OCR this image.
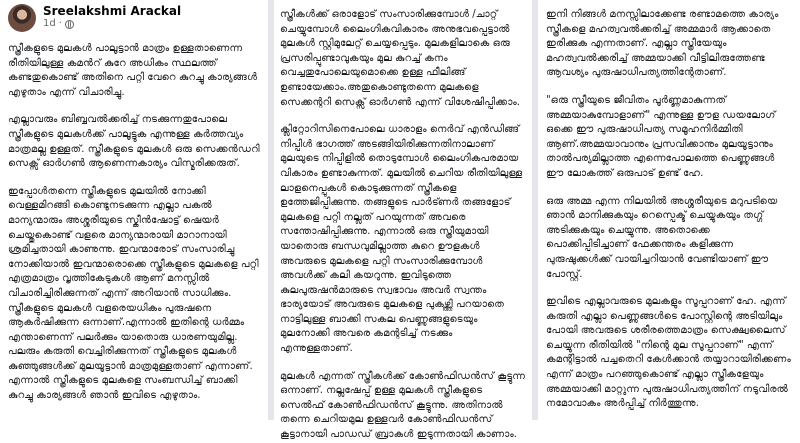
Sreelakshmi Arackal
1d ·

സ്ത്രീകളുടെ മുലകൾ പാലൂട്ടാൻ മാത്രം ഉള്ളതാണെന്ന രീതിയിലുള്ള കമൻറ് കുറേ അധികം സ്ഥലത്ത് കണ്ടതുകൊണ്ട് അതിനെ പറ്റി വേറെ കുറച്ചു കാര്യങ്ങൾ എഴുതാം എന്ന് വിചാരിച്ചു.

എല്ലാവരും ബിബ്ബവൽക്കരിച്ച് നടക്കുന്നതുപോലെ സ്ത്രീകളുടെ മുലകൾക്ക് പാലൂട്ടുക എന്നുള്ള കർത്തവ്യം മാത്രമല്ല ഉള്ളത്. സ്ത്രീകളുടെ മുലകൾ ഒരു സെക്കൻഡറി സെക്സ് ഓർഗൺ ആണെന്നകാര്യം വിസ്മരിക്കരുത്.

ഇപ്പോൾതന്നെ സ്ത്രീകളുടെ മുലയിൽ നോക്കി വെള്ളമിറങ്ങി കൊണ്ടുനടക്കുന്ന എല്ലാ പകൽ മാന്യന്മാരും അശ്ശരീയുടെ സ്കീൻഷോട്ട് ഷെയർ ചെയ്തുകൊണ്ട് വളരെ മാന്യന്മാരായി മാറാനായി ശ്രമിച്ചതായി കാണുന്നു. ഇവന്മാരോട് സംസാരിച്ചു നോക്കിയാൽ ഇവന്മാരൊക്കെ സ്ത്രീകളുടെ മുലകളെ പറ്റി എത്രമാത്രം വൃത്തികേടുകൾ ആണ് മനസ്സിൽ വിചാരിച്ചിരിക്കുന്നത് എന്ന് അറിയാൻ സാധിക്കും. സ്ത്രീകളുടെ മുലകൾ വളരെയധികം പുരുഷനെ ആകർഷിക്കുന്ന ഒന്നാണ്.എന്നാൽ ഇതിന്റെ ധർമ്മം എന്താണെന്ന് പലർക്കും യാതൊരു ധാരണയുമില്ല. പലരും കരുതി വെച്ചിരിക്കുന്നത് സ്ത്രീകളുടെ മുലകൾ കുഞ്ഞുങ്ങൾക്ക് മുലയൂട്ടാൻ മാത്രമുള്ളതാണ് എന്നാണ്. എന്നാൽ സ്ത്രീകളുടെ മുലകളെ സംബന്ധിച്ച് ബാക്കി കുറച്ചു കാര്യങ്ങൾ ഞാൻ ഇവിടെ എഴുതാം.

സ്ത്രീകൾക്ക് ഒരാളോട് സംസാരിക്കുമ്പോൾ /ചാറ്റ് ചെയ്യുമ്പോൾ ലൈംഗികവികാരം അനുഭവപ്പെട്ടാൽ മുലകൾ സ്റ്റിമുലേറ്റ് ചെയ്യപ്പെടും. മുലകളിലാകെ ഒരു പ്രസരിപ്പുണ്ടാവുകയും മുല കുറച്ച് കനം വെച്ചതുപോലെയുമൊക്കെ ഉള്ള ഫീലിങ്ങ് ഉണ്ടായേക്കാം.അതുകൊണ്ടുതന്നെ മുലകളെ സെക്കന്ററി സെക്സ് ഓർഗൺ എന്ന് വിശേഷിപ്പിക്കാം.

ക്ലിറ്റോറിസിനെപോലെ ധാരാളം നെർവ് എൻഡിങ്ങ് നിപ്പിൾ ഭാഗത്ത് അടങ്ങിയിരിക്കുന്നതിനാലാണ് മുലയുടെ നിപ്പിളിൽ തൊടുമ്പോൾ ലൈംഗികപരമായ വികാരം ഉണ്ടാകുന്നത്. മുലയിൽ ചെറിയ രീതിയിലുള്ള ലാളനെപ്പുകൾ കൊടുക്കുന്നത് സ്ത്രീകളെ ഉത്തേജിപ്പിക്കുന്നു. തങ്ങളുടെ പാർട്ണർ തങ്ങളോട് മുലകളെ പറ്റി നല്ലത് പറയുന്നത് അവരെ സന്തോഷിപ്പിക്കുന്നു. എന്നാൽ ഒരു സ്ത്രീയുമായി യാതൊരു ബന്ധവുമില്ലാത്ത കുറെ ഊളകൾ അവരുടെ മുലകളെ പറ്റി സംസാരിക്കുമ്പോൾ അവൾക്ക് കലി കയറുന്നു. ഇവിടുത്തെ കുലപുരുഷൻമാരുടെ സ്വഭാവം അവർ സ്വന്തം ഭാര്യയോട് അവരുടെ മുലകളെ പുകഴ്ത്തി പറയാതെ നാട്ടിലുള്ള ബാക്കി സകല പെണ്ണുങ്ങളുടെയും മുലനോക്കി അവരെ കമന്റടിച്ച് നടക്കും എന്നുള്ളതാണ്.

മുലകൾ എന്നത് സ്ത്രീകൾക്ക് കോൺഫിഡൻസ് കൂട്ടുന്ന ഒന്നാണ്. നല്ലഷേപ്പ് ഉള്ള മുലകൾ സ്ത്രീകളുടെ സെൽഫ് കോൺഫിഡൻസ് കൂട്ടുന്നു. അതിനാൽ തന്നെ ചെറിയമുല ഉള്ളവർ കോൺഫിഡൻസ് കൂട്ടാനായി പാഡഡ് ബ്രാകൾ ഇടുന്നതായി കാണാം.

ഇനി നിങ്ങൾ മനസ്സിലാക്കേണ്ട രണ്ടാമത്തെ കാര്യം സ്ത്രീകളെ മഹത്വവൽക്കരിച്ച് അമ്മമാർ ആക്കാതെ ഇരിക്കുക എന്നതാണ്. എല്ലാ സ്ത്രീയേയും മഹത്വവൽക്കരിച്ച് അമ്മയാക്കി വീട്ടിലിരുത്തേണ്ട ആവശ്യം പുരുഷാധിപത്യത്തിന്റേതാണ്.

"ഒരു സ്ത്രീയുടെ ജീവിതം പൂർണ്ണമാകുന്നത് അമ്മയാകുമ്പോളാണ്" എന്നുള്ള ഊള ഡയലോഗ് ഒക്കെ ഈ പുരുഷാധിപത്യ സമൂഹനിർമ്മിതി ആണ്.അമ്മയാവാനും പ്രസവിക്കാനും മുലയൂട്ടാനും താൽപര്യമില്ലാത്ത എന്നെപോലത്തെ പെണ്ണുങ്ങൾ ഈ ലോകത്ത് ഒരുപാട് ഉണ്ട് ഹേ.

ഒരു അമ്മ എന്ന നിലയിൽ അശ്ശരീയുടെ മറുപടിയെ ഞാൻ മാനിക്കുകയും റെസ്പെക്ട് ചെയ്യുകയും തഗ്ഗ് അടിക്കുകയും ചെയ്യുന്നു. അതൊക്കെ പൊക്കിപ്പിടിച്ചാണ് ഫേക്കന്തരം കളിക്കുന്ന പുരുഷുക്കൾക്ക് വായിച്ചറിയാൻ വേണ്ടിയാണ് ഈ പോസ്റ്റ്.

ഇവിടെ എല്ലാവരുടെ മുലകളും സൂപ്പറാണ് ഹേ. എന്ന് കരുതി എല്ലാ പെണ്ണുങ്ങൾടെ പോസ്റ്റിന്റെ അടിയിലും പോയി അവരുടെ ശരീരത്തെമാത്രം സെക്ഷ്വലൈസ് ചെയ്യുന്ന രീതിയിൽ "നിന്റെ മുല സൂപ്പറാണ്" എന്ന് കമന്റിട്ടാൽ പച്ചതെറി കേൾക്കാൻ തയ്യാറായിരിക്കണം എന്ന് മാത്രം പറഞ്ഞുകൊണ്ട് എല്ലാ സ്ത്രീകളേയും അമ്മയാക്കി മാറ്റുന്ന പുരുഷാധിപത്യത്തിന് നടുവിരൽ നമോവാകം അർപ്പിച്ച് നിർത്തുന്നു.
